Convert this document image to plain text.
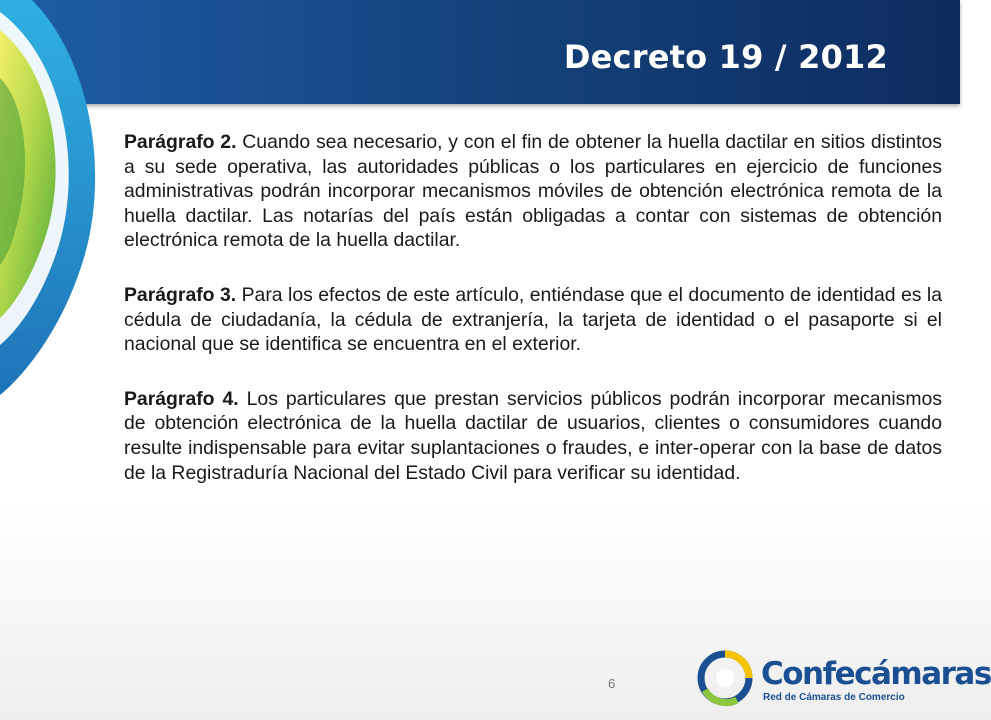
Decreto 19 / 2012

Parágrafo 2. Cuando sea necesario, y con el fin de obtener la huella dactilar en sitios distintos a su sede operativa, las autoridades públicas o los particulares en ejercicio de funciones administrativas podrán incorporar mecanismos móviles de obtención electrónica remota de la huella dactilar. Las notarías del país están obligadas a contar con sistemas de obtención electrónica remota de la huella dactilar.

Parágrafo 3. Para los efectos de este artículo, entiéndase que el documento de identidad es la cédula de ciudadanía, la cédula de extranjería, la tarjeta de identidad o el pasaporte si el nacional que se identifica se encuentra en el exterior.

Parágrafo 4. Los particulares que prestan servicios públicos podrán incorporar mecanismos de obtención electrónica de la huella dactilar de usuarios, clientes o consumidores cuando resulte indispensable para evitar suplantaciones o fraudes, e inter-operar con la base de datos de la Registraduría Nacional del Estado Civil para verificar su identidad.

6	Confecámaras
Red de Cámaras de Comercio
